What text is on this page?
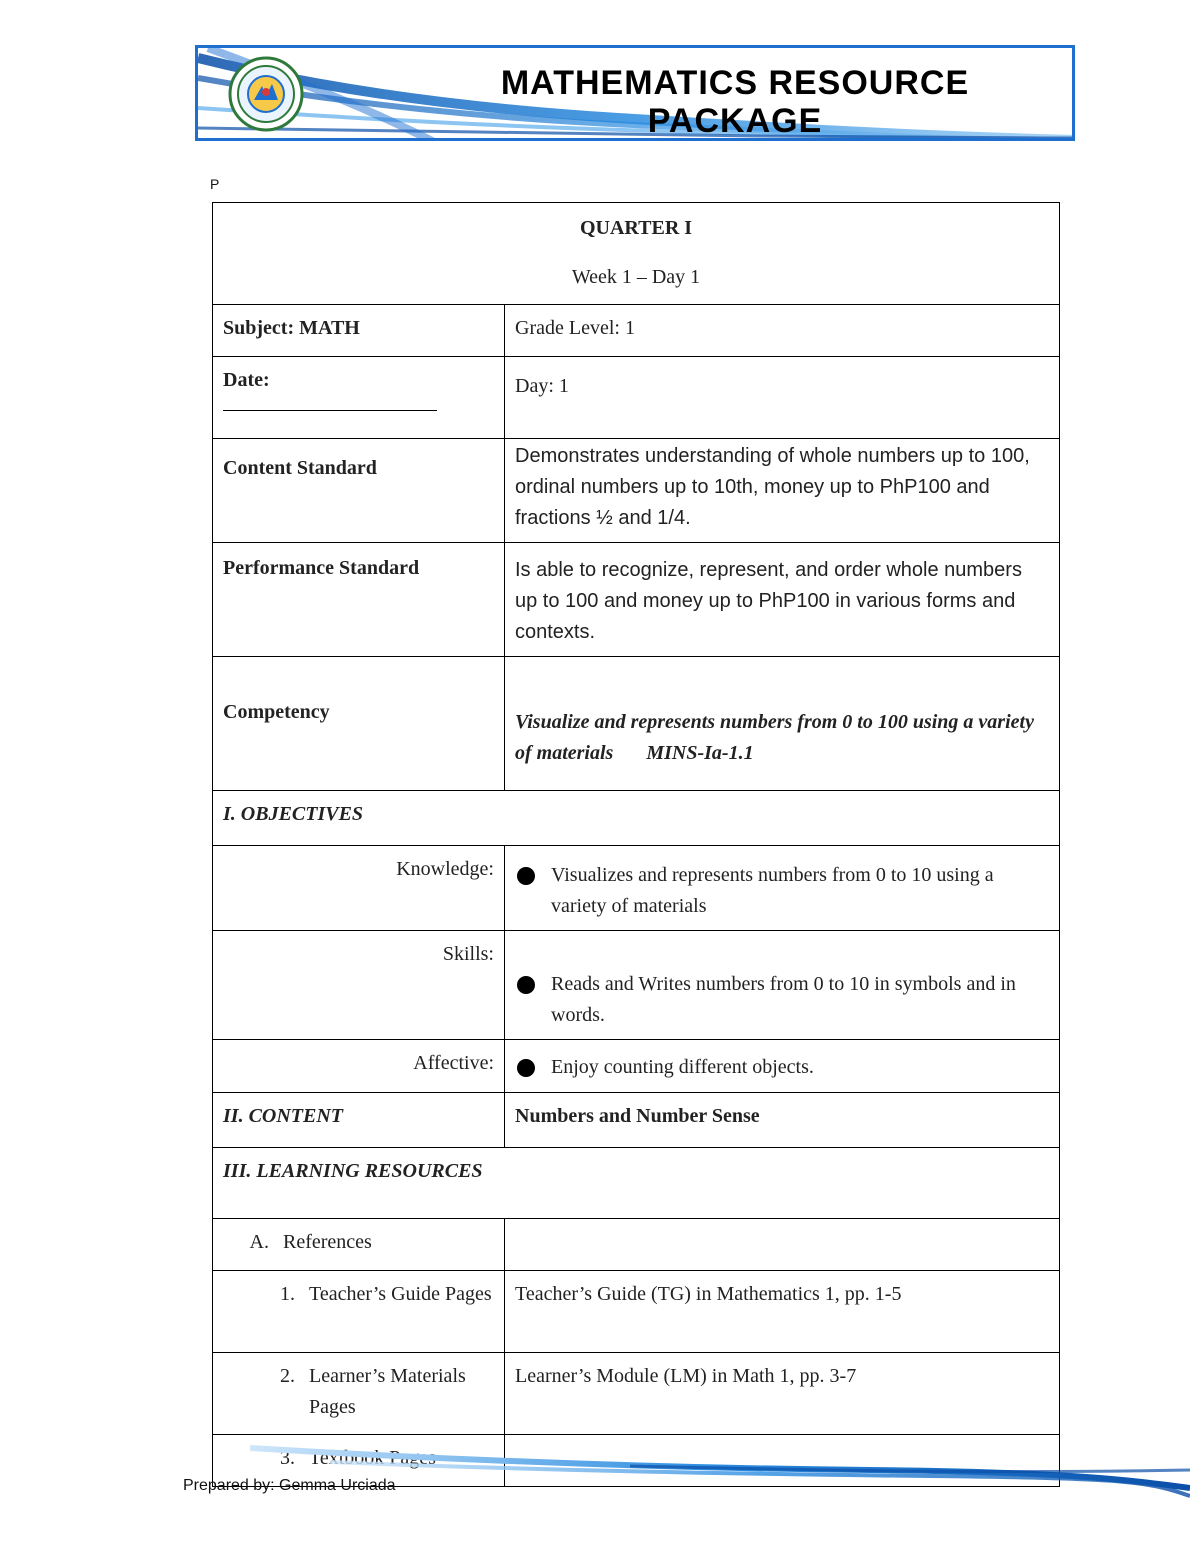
MATHEMATICS RESOURCE PACKAGE
P
QUARTER I
Week 1 – Day 1	

Subject: MATH	Grade Level: 1

Date:	Day: 1
Content Standard	Demonstrates understanding of whole numbers up to 100, ordinal numbers up to 10th, money up to PhP100 and fractions ½ and 1/4.
Performance Standard	Is able to recognize, represent, and order whole numbers up to 100 and money up to PhP100 in various forms and contexts.
Competency	Visualize and represents numbers from 0 to 100 using a variety of materials MINS-Ia-1.1
I. OBJECTIVES	
Knowledge:	Visualizes and represents numbers from 0 to 10 using a variety of materials

Skills:	Reads and Writes numbers from 0 to 10 in symbols and in words.

Affective:	Enjoy counting different objects.

II. CONTENT	Numbers and Number Sense
III. LEARNING RESOURCES	

A. References	

1. Teacher’s Guide Pages	Teacher’s Guide (TG) in Mathematics 1, pp. 1-5

2. Learner’s Materials Pages	Learner’s Module (LM) in Math 1, pp. 3-7

3. Textbook Pages	

Prepared by: Gemma Urciada
